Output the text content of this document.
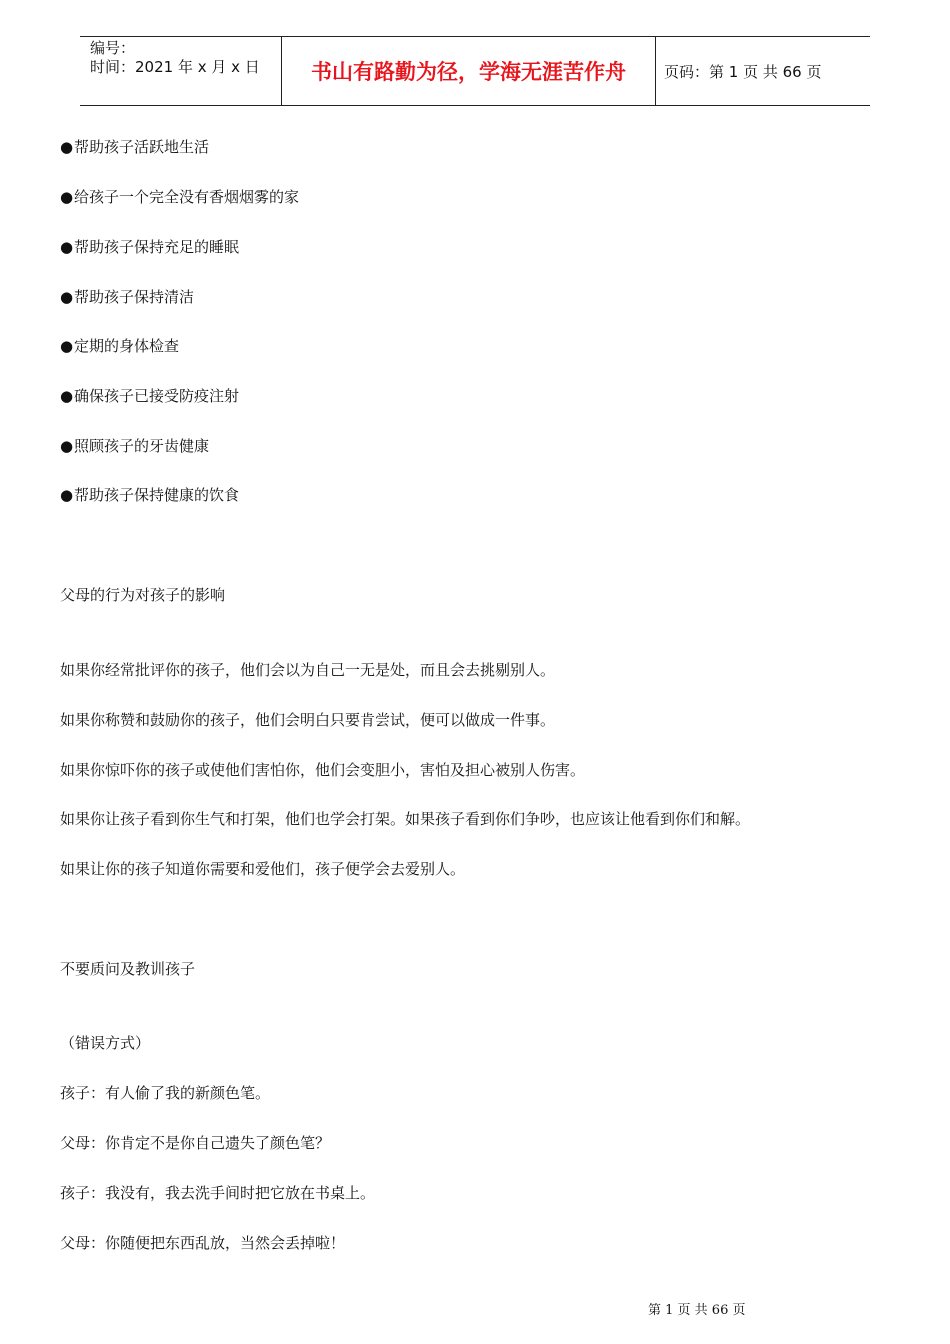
编号：
时间：2021 年 x 月 x 日	书山有路勤为径，学海无涯苦作舟	页码：第 1 页 共 66 页
●帮助孩子活跃地生活
●给孩子一个完全没有香烟烟雾的家
●帮助孩子保持充足的睡眠
●帮助孩子保持清洁
●定期的身体检查
●确保孩子已接受防疫注射
●照顾孩子的牙齿健康
●帮助孩子保持健康的饮食
父母的行为对孩子的影响
如果你经常批评你的孩子，他们会以为自己一无是处，而且会去挑剔别人。
如果你称赞和鼓励你的孩子，他们会明白只要肯尝试，便可以做成一件事。
如果你惊吓你的孩子或使他们害怕你，他们会变胆小，害怕及担心被别人伤害。
如果你让孩子看到你生气和打架，他们也学会打架。如果孩子看到你们争吵，也应该让他看到你们和解。
如果让你的孩子知道你需要和爱他们，孩子便学会去爱别人。
不要质问及教训孩子
（错误方式）
孩子：有人偷了我的新颜色笔。
父母：你肯定不是你自己遗失了颜色笔？
孩子：我没有，我去洗手间时把它放在书桌上。
父母：你随便把东西乱放，当然会丢掉啦！
第 1 页 共 66 页
